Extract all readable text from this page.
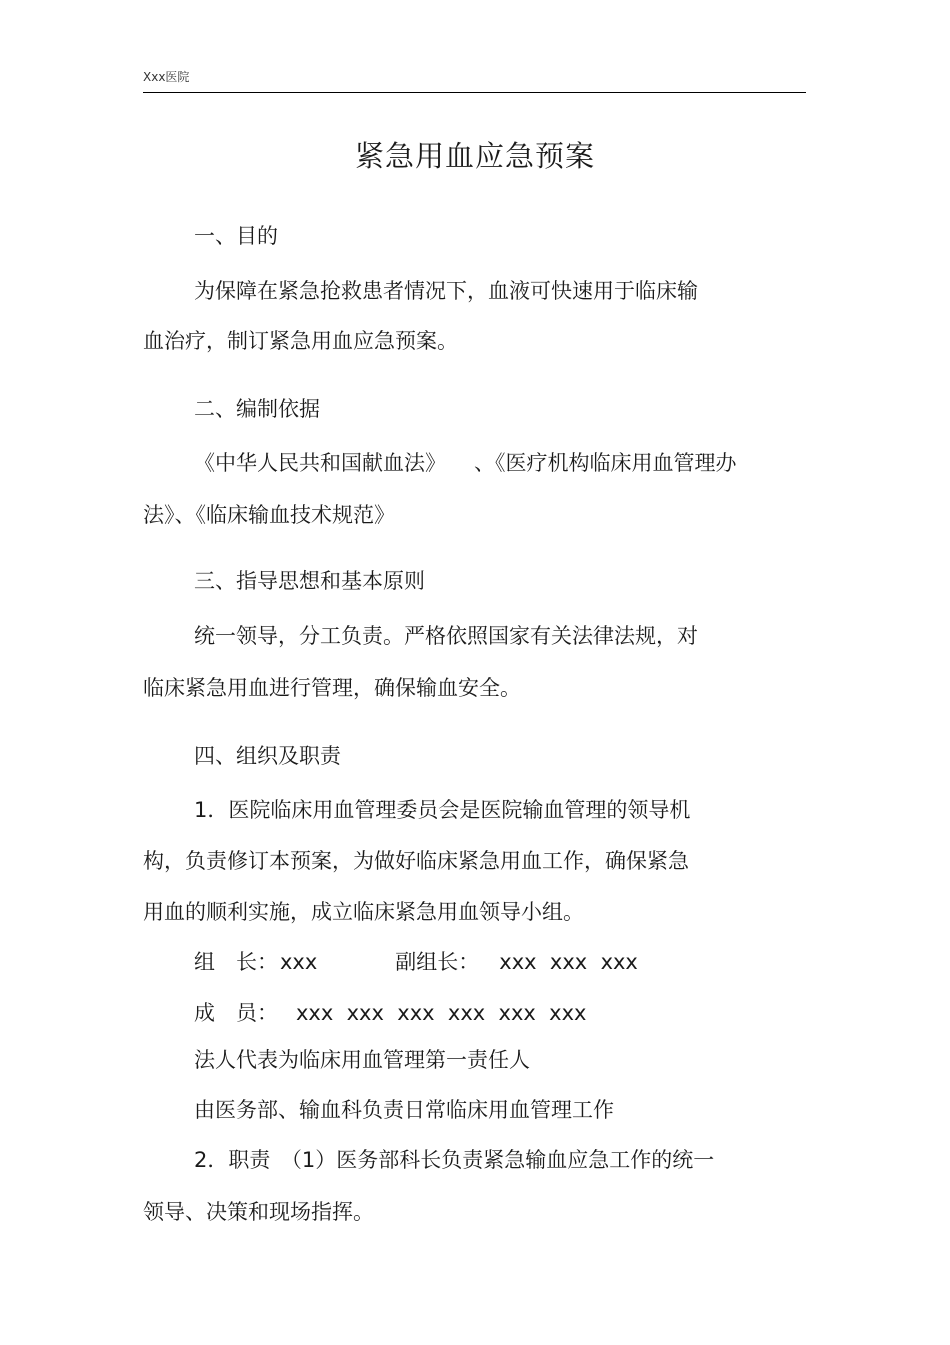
Xxx医院
紧急用血应急预案
一、目的
为保障在紧急抢救患者情况下，血液可快速用于临床输
血治疗，制订紧急用血应急预案。
二、编制依据
《中华人民共和国献血法》 、《医疗机构临床用血管理办
法》、《临床输血技术规范》
三、指导思想和基本原则
统一领导，分工负责。严格依照国家有关法律法规，对
临床紧急用血进行管理，确保输血安全。
四、组织及职责
1．医院临床用血管理委员会是医院输血管理的领导机
构，负责修订本预案，为做好临床紧急用血工作，确保紧急
用血的顺利实施，成立临床紧急用血领导小组。
组　长：xxx	副组长： xxx  xxx  xxx
成　员： xxx  xxx  xxx  xxx  xxx  xxx
法人代表为临床用血管理第一责任人
由医务部、输血科负责日常临床用血管理工作
2．职责　（1）医务部科长负责紧急输血应急工作的统一
领导、决策和现场指挥。
